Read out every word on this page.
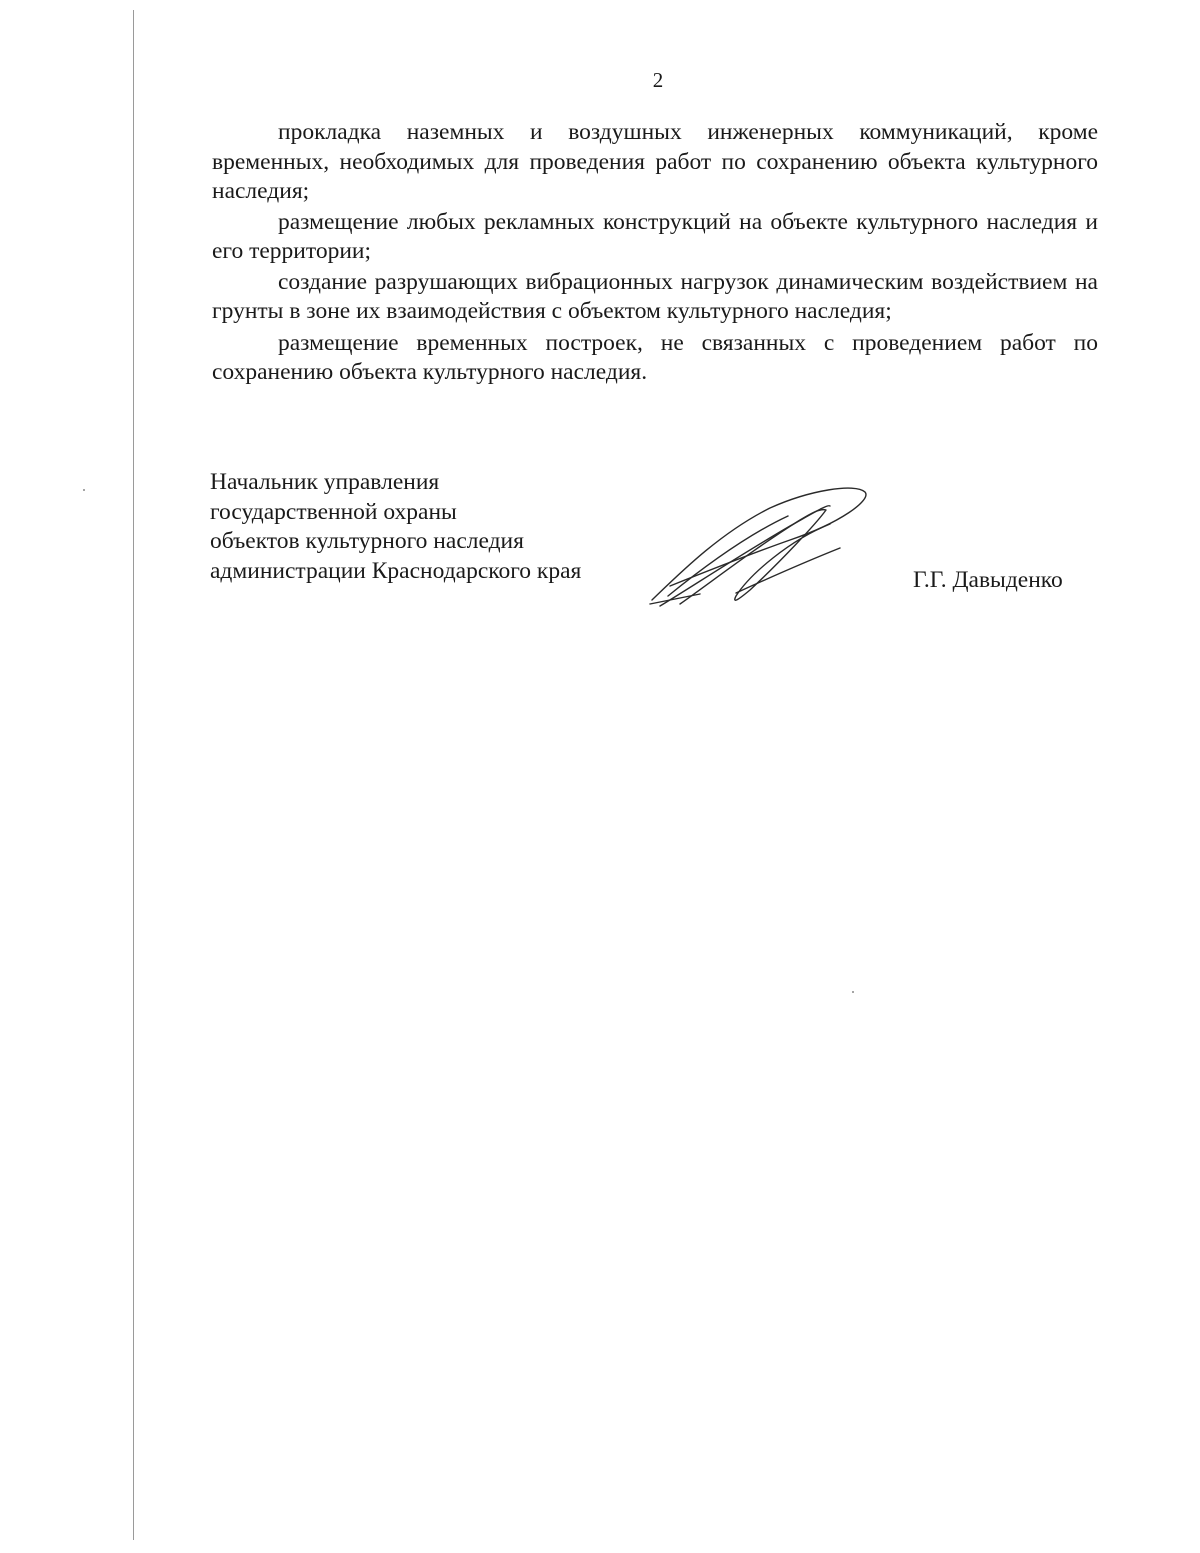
2

прокладка наземных и воздушных инженерных коммуникаций, кроме временных, необходимых для проведения работ по сохранению объекта культурного наследия;

размещение любых рекламных конструкций на объекте культурного наследия и его территории;

создание разрушающих вибрационных нагрузок динамическим воздействием на грунты в зоне их взаимодействия с объектом культурного наследия;

размещение временных построек, не связанных с проведением работ по сохранению объекта культурного наследия.

Начальник управления
государственной охраны
объектов культурного наследия
администрации Краснодарского края	Г.Г. Давыденко
